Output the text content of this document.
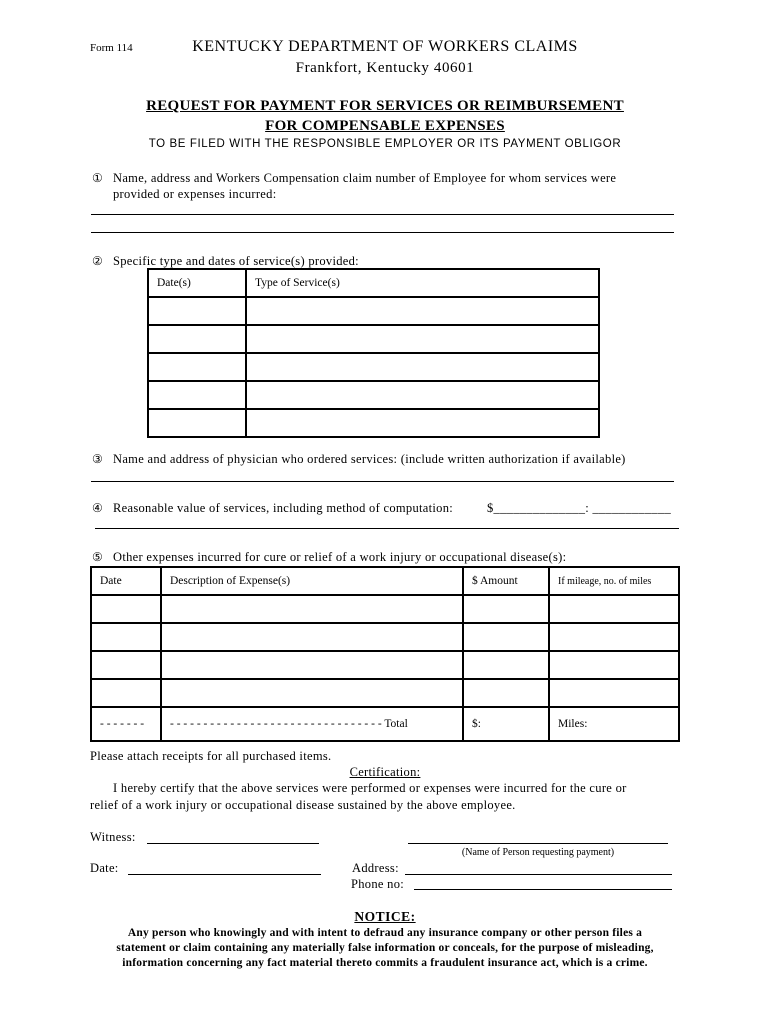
Form 114	KENTUCKY DEPARTMENT OF WORKERS CLAIMS
Frankfort, Kentucky 40601
REQUEST FOR PAYMENT FOR SERVICES OR REIMBURSEMENT
FOR COMPENSABLE EXPENSES
TO BE FILED WITH THE RESPONSIBLE EMPLOYER OR ITS PAYMENT OBLIGOR
① Name, address and Workers Compensation claim number of Employee for whom services were
provided or expenses incurred:
② Specific type and dates of service(s) provided:
Date(s)	Type of Service(s)

③ Name and address of physician who ordered services: (include written authorization if available)
④ Reasonable value of services, including method of computation:	$______________: ____________
⑤ Other expenses incurred for cure or relief of a work injury or occupational disease(s):
Date	Description of Expense(s)	$ Amount	If mileage, no. of miles

- - - - - - -	- - - - - - - - - - - - - - - - - - - - - - - - - - - - - - - - Total	$:	Miles:
Please attach receipts for all purchased items.
Certification:
I hereby certify that the above services were performed or expenses were incurred for the cure or
relief of a work injury or occupational disease sustained by the above employee.
Witness:
(Name of Person requesting payment)
Date:	Address:
Phone no:
NOTICE:
Any person who knowingly and with intent to defraud any insurance company or other person files a
statement or claim containing any materially false information or conceals, for the purpose of misleading,
information concerning any fact material thereto commits a fraudulent insurance act, which is a crime.
